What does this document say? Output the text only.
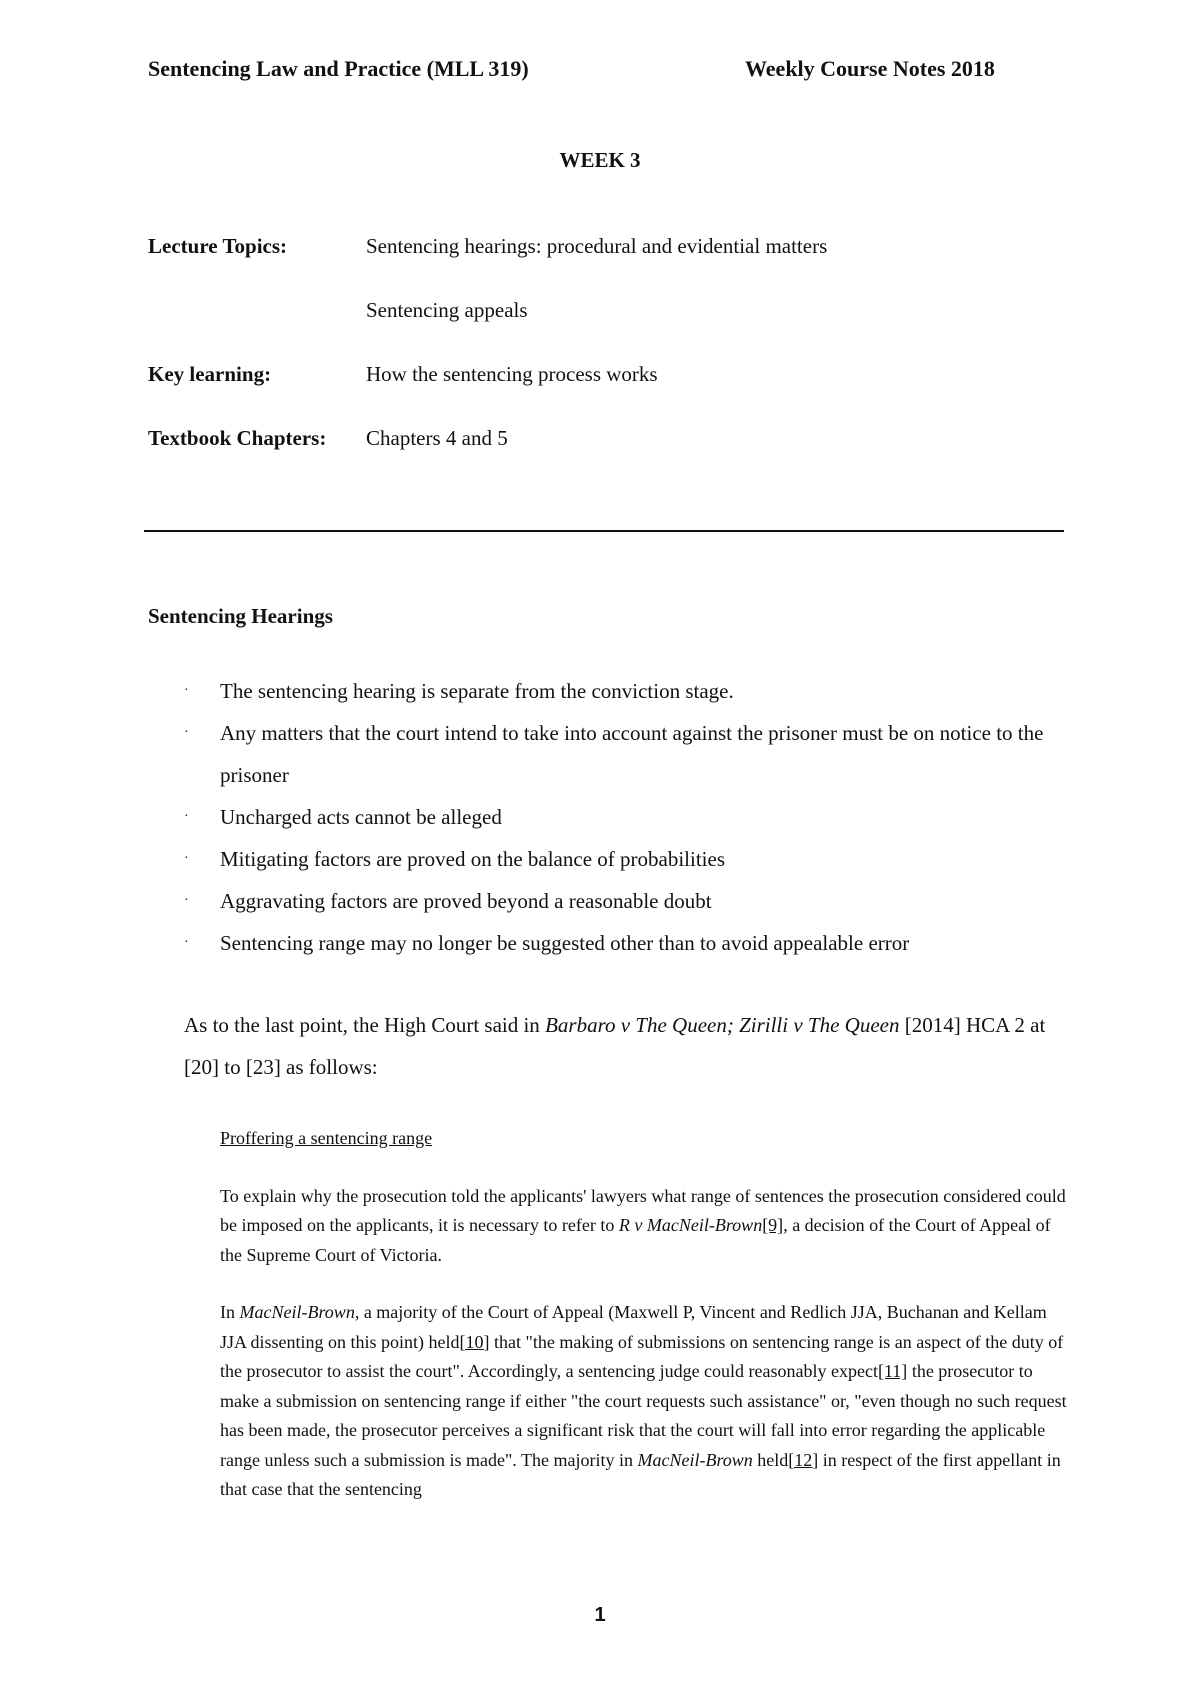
Sentencing Law and Practice (MLL 319)	Weekly Course Notes 2018
WEEK 3
Lecture Topics:	Sentencing hearings: procedural and evidential matters
Sentencing appeals
Key learning:	How the sentencing process works
Textbook Chapters: Chapters 4 and 5
Sentencing Hearings
· The sentencing hearing is separate from the conviction stage.
· Any matters that the court intend to take into account against the prisoner must be on notice to the prisoner
· Uncharged acts cannot be alleged
· Mitigating factors are proved on the balance of probabilities
· Aggravating factors are proved beyond a reasonable doubt
· Sentencing range may no longer be suggested other than to avoid appealable error

As to the last point, the High Court said in Barbaro v The Queen; Zirilli v The Queen [2014] HCA 2 at [20] to [23] as follows:

Proffering a sentencing range

To explain why the prosecution told the applicants' lawyers what range of sentences the prosecution considered could be imposed on the applicants, it is necessary to refer to R v MacNeil-Brown[9], a decision of the Court of Appeal of the Supreme Court of Victoria.

In MacNeil-Brown, a majority of the Court of Appeal (Maxwell P, Vincent and Redlich JJA, Buchanan and Kellam JJA dissenting on this point) held[10] that "the making of submissions on sentencing range is an aspect of the duty of the prosecutor to assist the court". Accordingly, a sentencing judge could reasonably expect[11] the prosecutor to make a submission on sentencing range if either "the court requests such assistance" or, "even though no such request has been made, the prosecutor perceives a significant risk that the court will fall into error regarding the applicable range unless such a submission is made". The majority in MacNeil-Brown held[12] in respect of the first appellant in that case that the sentencing

1
